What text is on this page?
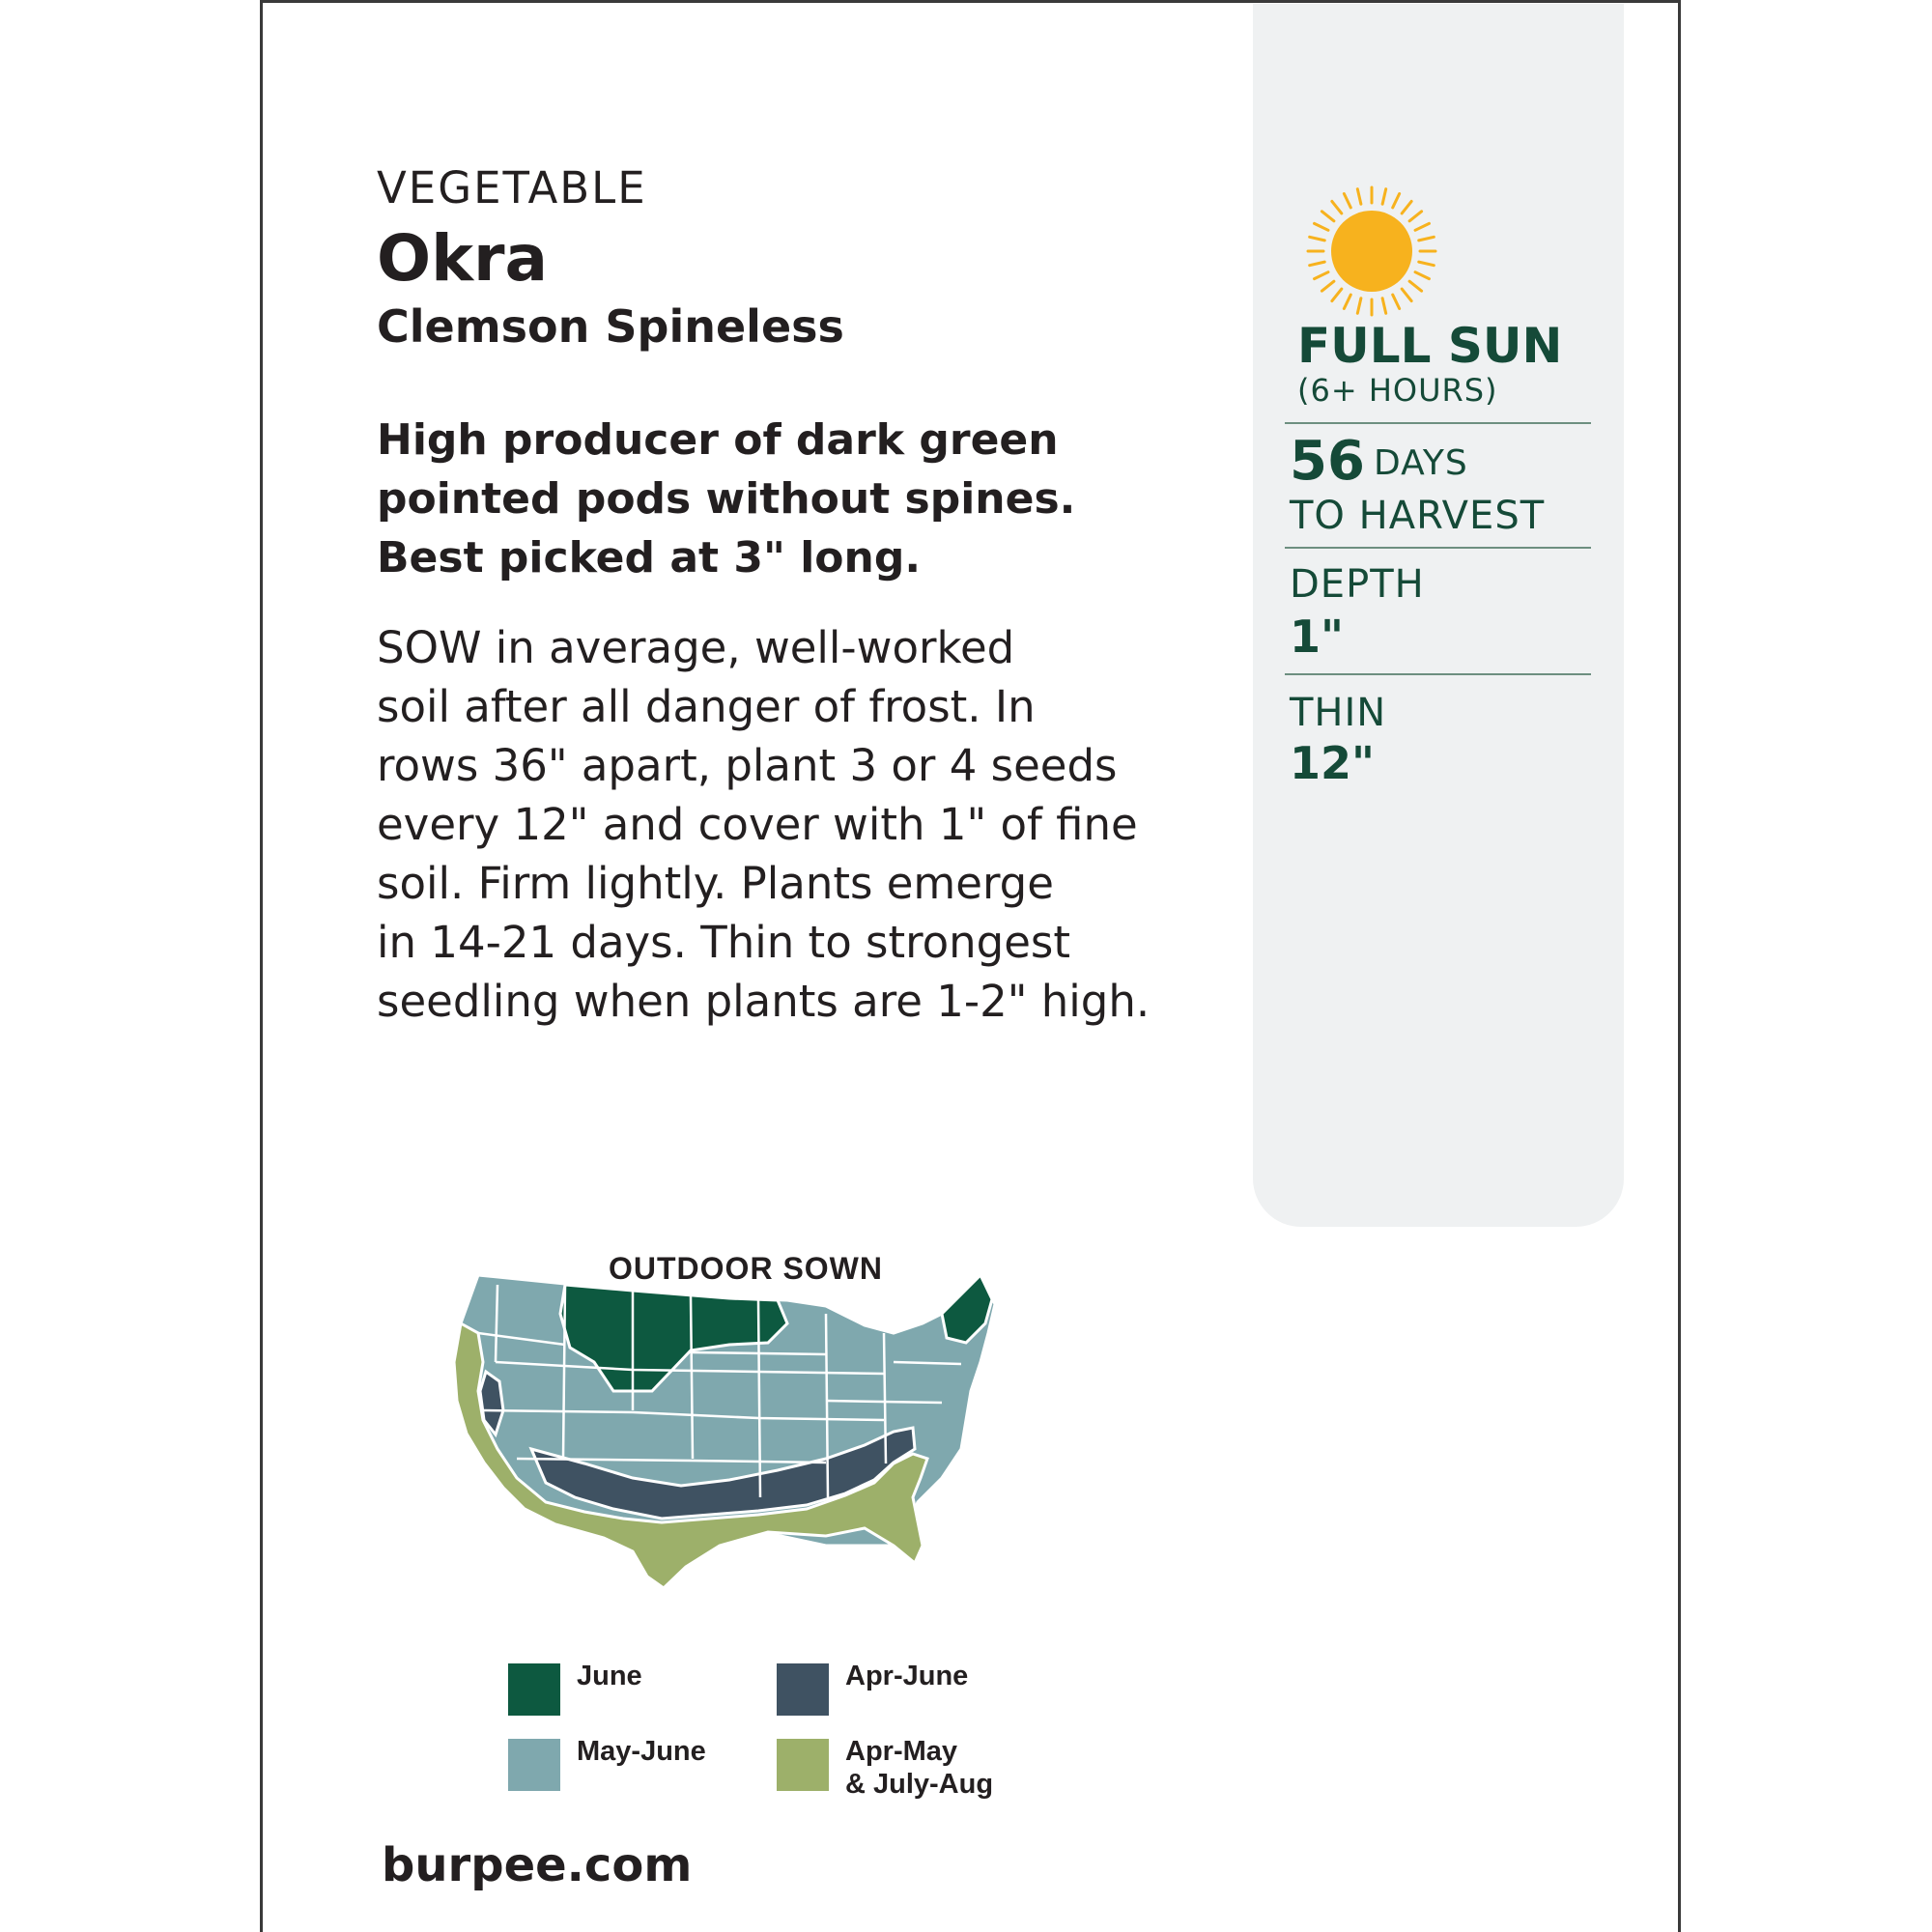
VEGETABLE
Okra
Clemson Spineless
High producer of dark green
pointed pods without spines.
Best picked at 3" long.
SOW in average, well-worked
soil after all danger of frost. In
rows 36" apart, plant 3 or 4 seeds
every 12" and cover with 1" of fine
soil. Firm lightly. Plants emerge
in 14-21 days. Thin to strongest
seedling when plants are 1-2" high.
FULL SUN
(6+ HOURS)
56 DAYS
TO HARVEST
DEPTH
1"
THIN
12"
OUTDOOR SOWN
June	Apr-June
May-June	Apr-May
& July-Aug
burpee.com
